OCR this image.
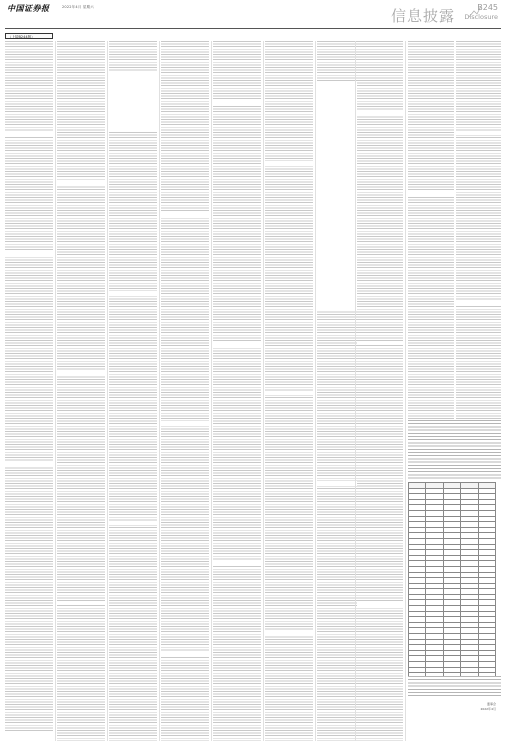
中国证券报	2022年4月 星期六	信息披露	B245
Disclosure
（上接B244版）

董事会
2022年4月
